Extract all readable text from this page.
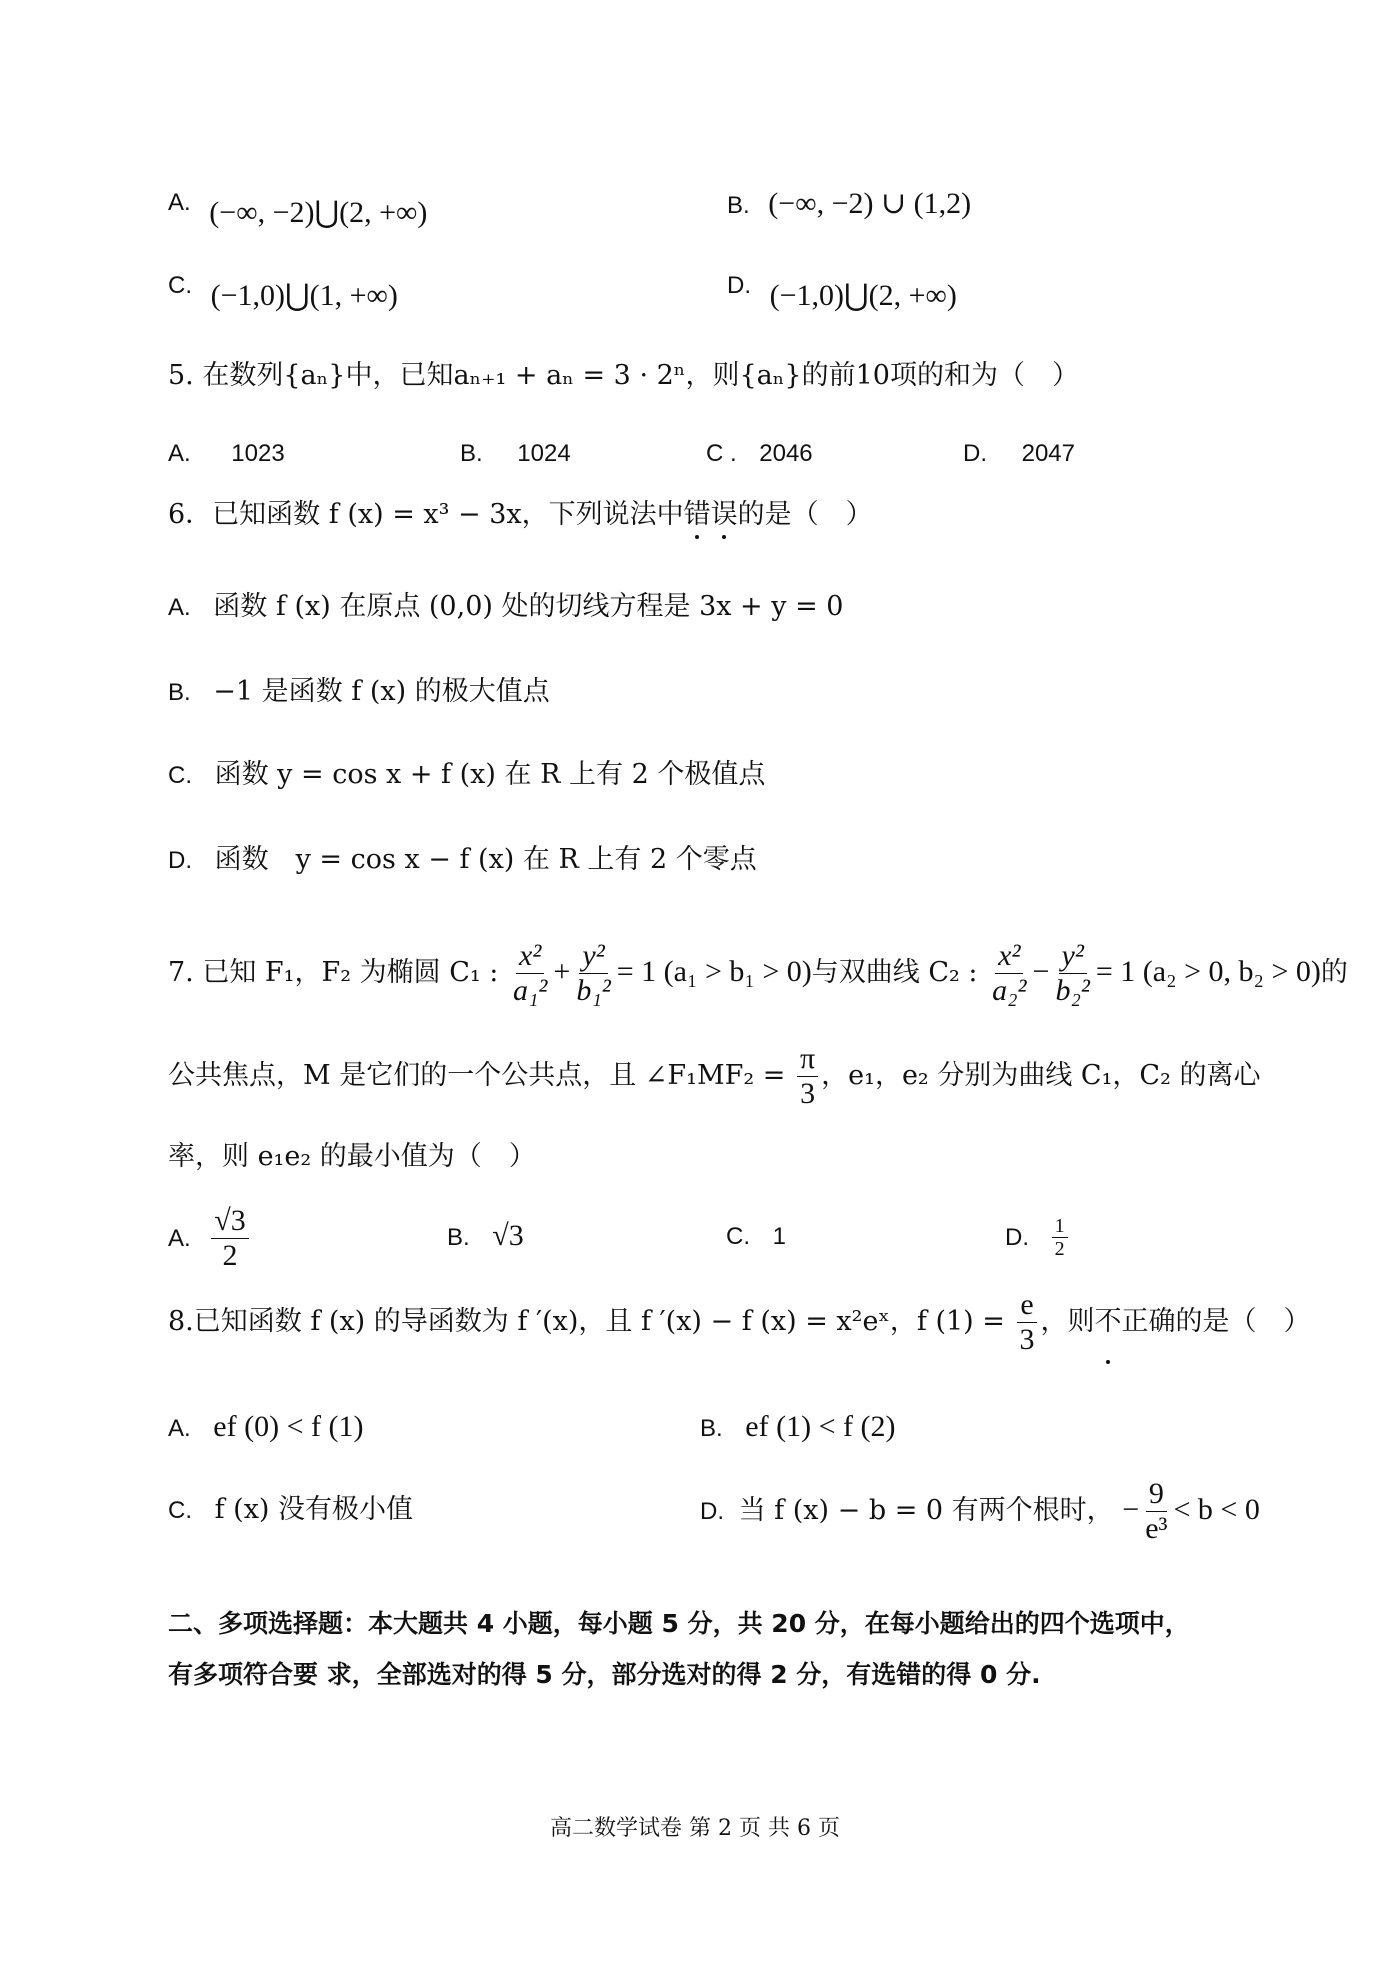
A. (−∞, −2)⋃(2, +∞)	B. (−∞, −2) ∪ (1,2)
C. (−1,0)⋃(1, +∞)	D. (−1,0)⋃(2, +∞)
5. 在数列{aₙ}中，已知aₙ₊₁ + aₙ = 3 · 2ⁿ，则{aₙ}的前10项的和为（　）
A. 1023	B. 1024	C . 2046	D. 2047
6．已知函数 f (x) = x³ − 3x，下列说法中错误的是（　）
A. 函数 f (x) 在原点 (0,0) 处的切线方程是 3x + y = 0
B. −1 是函数 f (x) 的极大值点
C. 函数 y = cos x + f (x) 在 R 上有 2 个极值点
D. 函数　y = cos x − f (x) 在 R 上有 2 个零点
7. 已知 F₁，F₂ 为椭圆 C₁ : $\frac{\text{x²}}{\text{a₁²}} + \frac{\text{y²}}{\text{b₁²}} = 1$ (a₁ > b₁ > 0)与双曲线 C₂ : $\frac{\text{x²}}{\text{a₂²}} - \frac{\text{y²}}{\text{b₂²}} = 1$ (a₂ > 0, b₂ > 0)的
公共焦点，M 是它们的一个公共点，且 ∠F₁MF₂ = $\frac{\pi}{3}$ ，e₁，e₂ 分别为曲线 C₁，C₂ 的离心
率，则 e₁e₂ 的最小值为（　）
A. $\frac{√3}{2}$	B. √3	C. 1	D. $\frac{1}{2}$
8.已知函数 f (x) 的导函数为 f ′(x)，且 f ′(x) − f (x) = x²eˣ，f $(1) = \frac{e}{3}$ ，则不正确的是（　）
A. ef (0) < f (1)	B. ef (1) < f (2)
C. f (x) 没有极小值	D. 当 f (x) − b = 0 有两个根时， − $\frac{9}{\text{e³}} < b < 0$
二、多项选择题：本大题共 4 小题，每小题 5 分，共 20 分，在每小题给出的四个选项中，
有多项符合要 求，全部选对的得 5 分，部分选对的得 2 分，有选错的得 0 分.
高二数学试卷 第 2 页 共 6 页
